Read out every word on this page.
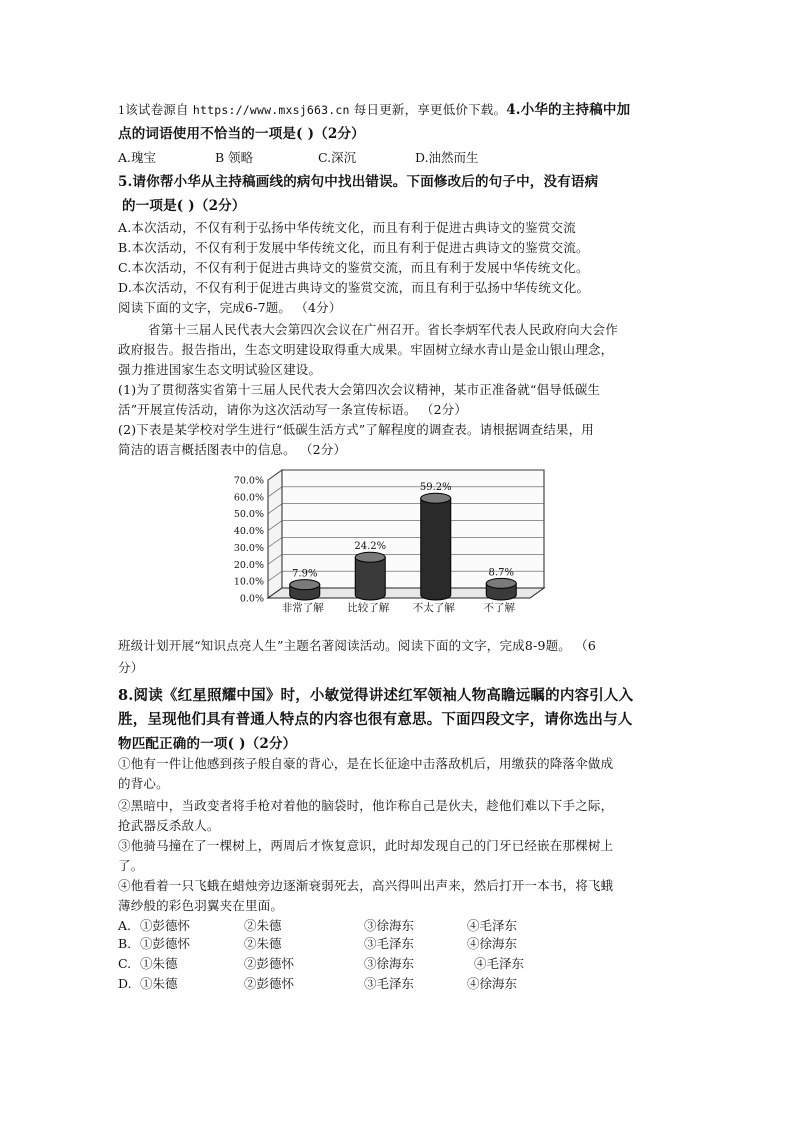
1该试卷源自 https://www.mxsj663.cn 每日更新，享更低价下载。4.小华的主持稿中加
点的词语使用不恰当的一项是( )（2分）
A.瑰宝	B 领略	C.深沉	D.油然而生
5.请你帮小华从主持稿画线的病句中找出错误。下面修改后的句子中，没有语病
的一项是( )（2分）
A.本次活动，不仅有利于弘扬中华传统文化，而且有利于促进古典诗文的鉴赏交流
B.本次活动，不仅有利于发展中华传统文化，而且有利于促进古典诗文的鉴赏交流。
C.本次活动，不仅有利于促进古典诗文的鉴赏交流，而且有利于发展中华传统文化。
D.本次活动，不仅有利于促进古典诗文的鉴赏交流，而且有利于弘扬中华传统文化。
阅读下面的文字，完成6-7题。 （4分）
省第十三届人民代表大会第四次会议在广州召开。省长李炳军代表人民政府向大会作
政府报告。报告指出，生态文明建设取得重大成果。牢固树立绿水青山是金山银山理念，
强力推进国家生态文明试验区建设。
(1)为了贯彻落实省第十三届人民代表大会第四次会议精神，某市正准备就“倡导低碳生
活”开展宣传活动，请你为这次活动写一条宣传标语。 （2分）
(2)下表是某学校对学生进行“低碳生活方式”了解程度的调查表。请根据调查结果，用
简洁的语言概括图表中的信息。 （2分）
0.0%
10.0%
20.0%
30.0%
40.0%
50.0%
60.0%
70.0%
7.9%
非常了解
24.2%
比较了解
59.2%
不太了解
8.7%
不了解
班级计划开展“知识点亮人生”主题名著阅读活动。阅读下面的文字，完成8-9题。 （6
分）
8.阅读《红星照耀中国》时，小敏觉得讲述红军领袖人物高瞻远瞩的内容引人入
胜，呈现他们具有普通人特点的内容也很有意思。下面四段文字，请你选出与人
物匹配正确的一项( )（2分）
①他有一件让他感到孩子般自豪的背心，是在长征途中击落敌机后，用缴获的降落伞做成
的背心。
②黑暗中，当政变者将手枪对着他的脑袋时，他诈称自己是伙夫，趁他们难以下手之际，
抢武器反杀敌人。
③他骑马撞在了一棵树上，两周后才恢复意识，此时却发现自己的门牙已经嵌在那棵树上
了。
④他看着一只飞蛾在蜡烛旁边逐渐衰弱死去，高兴得叫出声来，然后打开一本书，将飞蛾
薄纱般的彩色羽翼夹在里面。
A. ①彭德怀	②朱德	③徐海东	④毛泽东
B. ①彭德怀	②朱德	③毛泽东	④徐海东
C. ①朱德	②彭德怀	③徐海东	④毛泽东
D. ①朱德	②彭德怀	③毛泽东	④徐海东
